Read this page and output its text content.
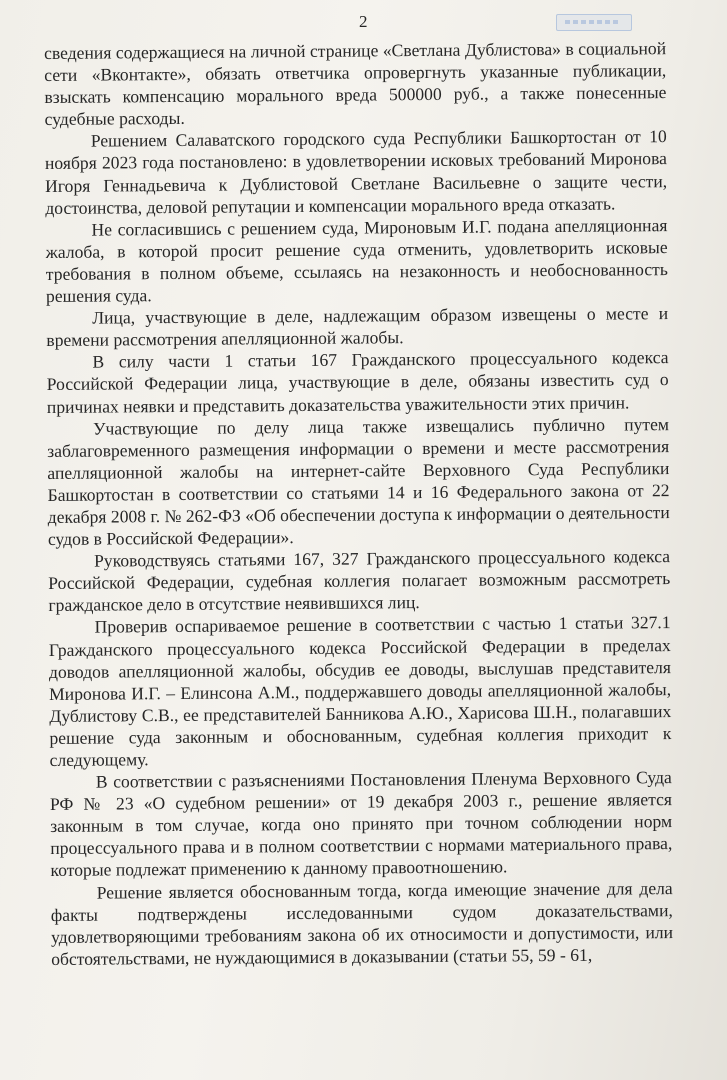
2

сведения содержащиеся на личной странице «Светлана Дублистова» в социальной сети «Вконтакте», обязать ответчика опровергнуть указанные публикации, взыскать компенсацию морального вреда 500000 руб., а также понесенные судебные расходы.

Решением Салаватского городского суда Республики Башкортостан от 10 ноября 2023 года постановлено: в удовлетворении исковых требований Миронова Игоря Геннадьевича к Дублистовой Светлане Васильевне о защите чести, достоинства, деловой репутации и компенсации морального вреда отказать.

Не согласившись с решением суда, Мироновым И.Г. подана апелляционная жалоба, в которой просит решение суда отменить, удовлетворить исковые требования в полном объеме, ссылаясь на незаконность и необоснованность решения суда.

Лица, участвующие в деле, надлежащим образом извещены о месте и времени рассмотрения апелляционной жалобы.

В силу части 1 статьи 167 Гражданского процессуального кодекса Российской Федерации лица, участвующие в деле, обязаны известить суд о причинах неявки и представить доказательства уважительности этих причин.

Участвующие по делу лица также извещались публично путем заблаговременного размещения информации о времени и месте рассмотрения апелляционной жалобы на интернет-сайте Верховного Суда Республики Башкортостан в соответствии со статьями 14 и 16 Федерального закона от 22 декабря 2008 г. № 262-ФЗ «Об обеспечении доступа к информации о деятельности судов в Российской Федерации».

Руководствуясь статьями 167, 327 Гражданского процессуального кодекса Российской Федерации, судебная коллегия полагает возможным рассмотреть гражданское дело в отсутствие неявившихся лиц.

Проверив оспариваемое решение в соответствии с частью 1 статьи 327.1 Гражданского процессуального кодекса Российской Федерации в пределах доводов апелляционной жалобы, обсудив ее доводы, выслушав представителя Миронова И.Г. – Елинсона А.М., поддержавшего доводы апелляционной жалобы, Дублистову С.В., ее представителей Банникова А.Ю., Харисова Ш.Н., полагавших решение суда законным и обоснованным, судебная коллегия приходит к следующему.

В соответствии с разъяснениями Постановления Пленума Верховного Суда РФ № 23 «О судебном решении» от 19 декабря 2003 г., решение является законным в том случае, когда оно принято при точном соблюдении норм процессуального права и в полном соответствии с нормами материального права, которые подлежат применению к данному правоотношению.

Решение является обоснованным тогда, когда имеющие значение для дела факты подтверждены исследованными судом доказательствами, удовлетворяющими требованиям закона об их относимости и допустимости, или обстоятельствами, не нуждающимися в доказывании (статьи 55, 59 - 61,
